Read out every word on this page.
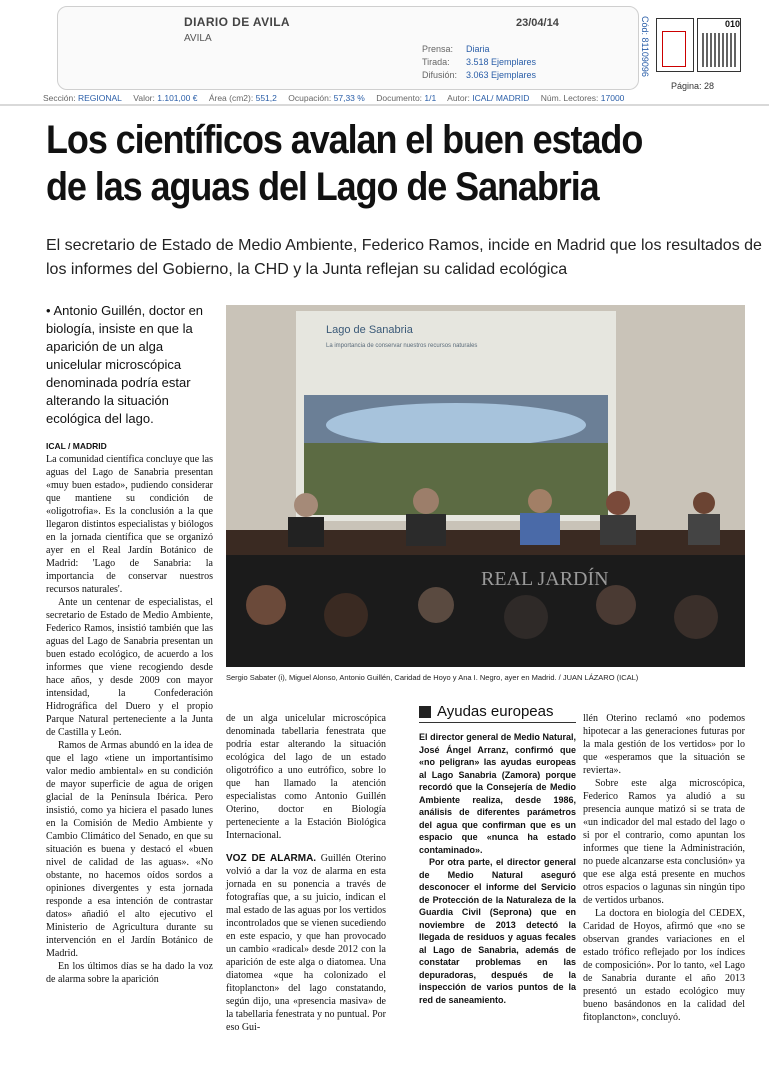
DIARIO DE AVILA
AVILA
23/04/14
Prensa:	Diaria
Tirada:	3.518 Ejemplares
Difusión: 3.063 Ejemplares	Cód: 81109096	010
Página: 28
Sección: REGIONAL Valor: 1.101,00 € Área (cm2): 551,2 Ocupación: 57,33 % Documento: 1/1 Autor: ICAL/ MADRID Núm. Lectores: 17000
Los científicos avalan el buen estado de las aguas del Lago de Sanabria

El secretario de Estado de Medio Ambiente, Federico Ramos, incide en Madrid que los resultados de los informes del Gobierno, la CHD y la Junta reflejan su calidad ecológica

• Antonio Guillén, doctor en biología, insiste en que la aparición de un alga unicelular microscópica denominada podría estar alterando la situación ecológica del lago.

ICAL / MADRID

La comunidad científica concluye que las aguas del Lago de Sanabria presentan «muy buen estado», pudiendo considerar que mantiene su condición de «oligotrofia». Es la conclusión a la que llegaron distintos especialistas y biólogos en la jornada científica que se organizó ayer en el Real Jardín Botánico de Madrid: 'Lago de Sanabria: la importancia de conservar nuestros recursos naturales'.

Ante un centenar de especialistas, el secretario de Estado de Medio Ambiente, Federico Ramos, insistió también que las aguas del Lago de Sanabria presentan un buen estado ecológico, de acuerdo a los informes que viene recogiendo desde hace años, y desde 2009 con mayor intensidad, la Confederación Hidrográfica del Duero y el propio Parque Natural perteneciente a la Junta de Castilla y León.

Ramos de Armas abundó en la idea de que el lago «tiene un importantísimo valor medio ambiental» en su condición de mayor superficie de agua de origen glacial de la Península Ibérica. Pero insistió, como ya hiciera el pasado lunes en la Comisión de Medio Ambiente y Cambio Climático del Senado, en que su situación es buena y destacó el «buen nivel de calidad de las aguas». «No obstante, no hacemos oídos sordos a opiniones divergentes y esta jornada responde a esa intención de contrastar datos» añadió el alto ejecutivo el Ministerio de Agricultura durante su intervención en el Jardín Botánico de Madrid.

En los últimos días se ha dado la voz de alarma sobre la aparición

Lago de Sanabria
La importancia de conservar nuestros recursos naturales
REAL JARDÍN
Sergio Sabater (i), Miguel Alonso, Antonio Guillén, Caridad de Hoyo y Ana I. Negro, ayer en Madrid. / JUAN LÁZARO (ICAL)

de un alga unicelular microscópica denominada tabellaria fenestrata que podría estar alterando la situación ecológica del lago de un estado oligotrófico a uno eutrófico, sobre lo que han llamado la atención especialistas como Antonio Guillén Oterino, doctor en Biología perteneciente a la Estación Biológica Internacional.

VOZ DE ALARMA. Guillén Oterino volvió a dar la voz de alarma en esta jornada en su ponencia a través de fotografías que, a su juicio, indican el mal estado de las aguas por los vertidos incontrolados que se vienen sucediendo en este espacio, y que han provocado un cambio «radical» desde 2012 con la aparición de este alga o diatomea. Una diatomea «que ha colonizado el fitoplancton» del lago constatando, según dijo, una «presencia masiva» de la tabellaria fenestrata y no puntual. Por eso Gui-

Ayudas europeas

El director general de Medio Natural, José Ángel Arranz, confirmó que «no peligran» las ayudas europeas al Lago Sanabria (Zamora) porque recordó que la Consejería de Medio Ambiente realiza, desde 1986, análisis de diferentes parámetros del agua que confirman que es un espacio que «nunca ha estado contaminado».

Por otra parte, el director general de Medio Natural aseguró desconocer el informe del Servicio de Protección de la Naturaleza de la Guardia Civil (Seprona) que en noviembre de 2013 detectó la llegada de residuos y aguas fecales al Lago de Sanabria, además de constatar problemas en las depuradoras, después de la inspección de varios puntos de la red de saneamiento.

llén Oterino reclamó «no podemos hipotecar a las generaciones futuras por la mala gestión de los vertidos» por lo que «esperamos que la situación se revierta».

Sobre este alga microscópica, Federico Ramos ya aludió a su presencia aunque matizó si se trata de «un indicador del mal estado del lago o si por el contrario, como apuntan los informes que tiene la Administración, no puede alcanzarse esta conclusión» ya que ese alga está presente en muchos otros espacios o lagunas sin ningún tipo de vertidos urbanos.

La doctora en biología del CEDEX, Caridad de Hoyos, afirmó que «no se observan grandes variaciones en el estado trófico reflejado por los índices de composición». Por lo tanto, «el Lago de Sanabria durante el año 2013 presentó un estado ecológico muy bueno basándonos en la calidad del fitoplancton», concluyó.
